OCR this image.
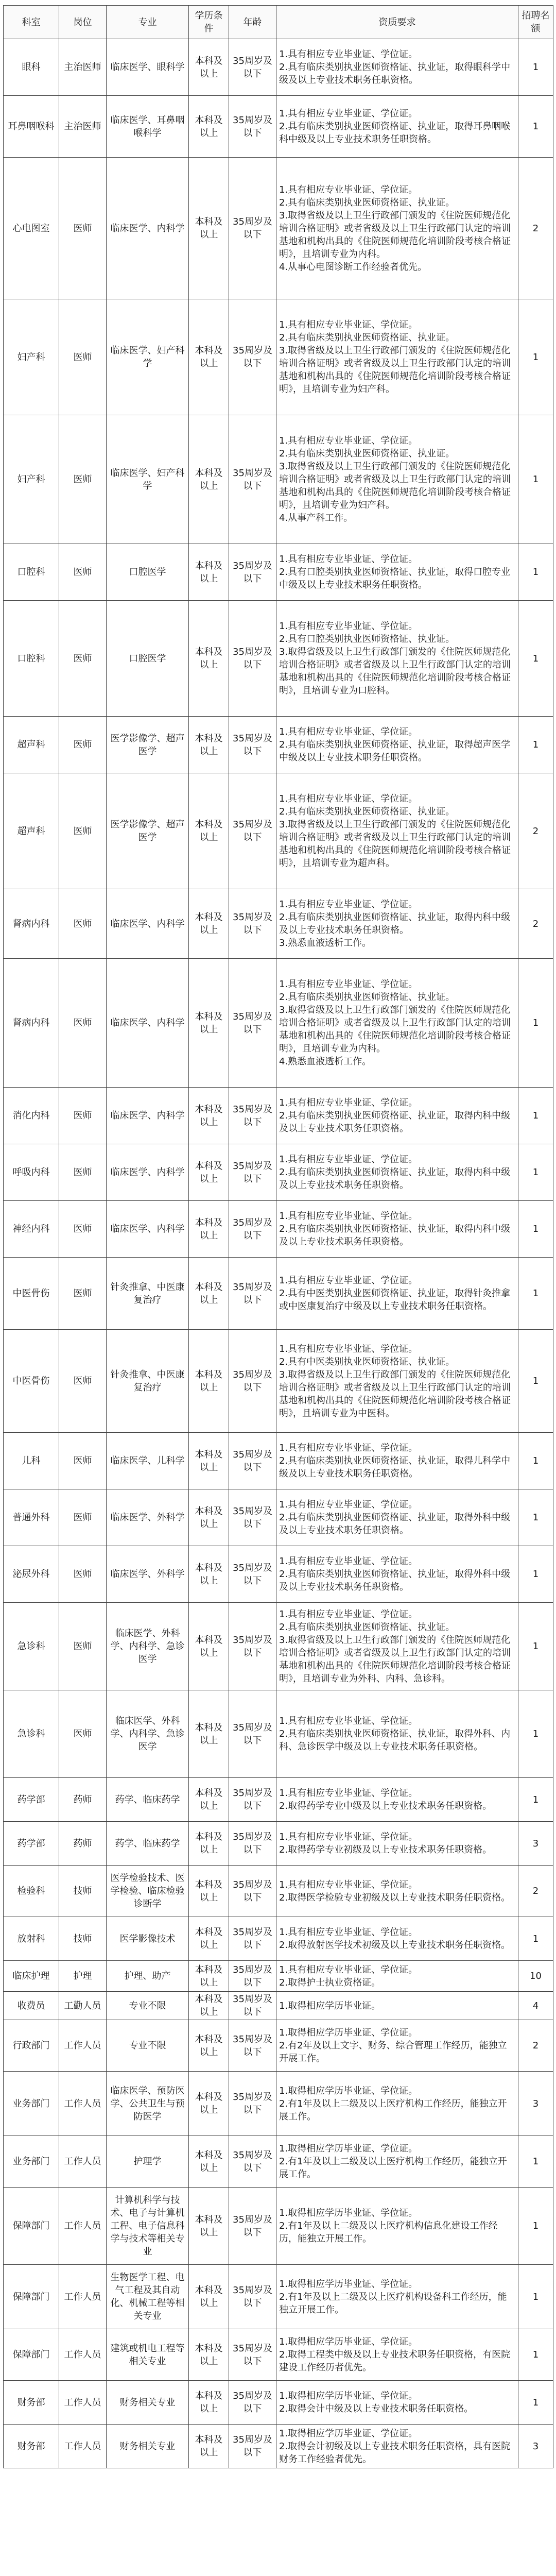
科室	岗位	专业	学历条件	年龄	资质要求	招聘名额
眼科	主治医师	临床医学、眼科学	本科及以上	35周岁及以下	1.具有相应专业毕业证、学位证。
2.具有临床类别执业医师资格证、执业证，取得眼科学中级及以上专业技术职务任职资格。	1
耳鼻咽喉科	主治医师	临床医学、耳鼻咽喉科学	本科及以上	35周岁及以下	1.具有相应专业毕业证、学位证。
2.具有临床类别执业医师资格证、执业证，取得耳鼻咽喉科中级及以上专业技术职务任职资格。	1
心电图室	医师	临床医学、内科学	本科及以上	35周岁及以下	1.具有相应专业毕业证、学位证。
2.具有临床类别执业医师资格证、执业证。
3.取得省级及以上卫生行政部门颁发的《住院医师规范化培训合格证明》或者省级及以上卫生行政部门认定的培训基地和机构出具的《住院医师规范化培训阶段考核合格证明》，且培训专业为内科。
4.从事心电图诊断工作经验者优先。	2
妇产科	医师	临床医学、妇产科学	本科及以上	35周岁及以下	1.具有相应专业毕业证、学位证。
2.具有临床类别执业医师资格证、执业证。
3.取得省级及以上卫生行政部门颁发的《住院医师规范化培训合格证明》或者省级及以上卫生行政部门认定的培训基地和机构出具的《住院医师规范化培训阶段考核合格证明》，且培训专业为妇产科。	1
妇产科	医师	临床医学、妇产科学	本科及以上	35周岁及以下	1.具有相应专业毕业证、学位证。
2.具有临床类别执业医师资格证、执业证。
3.取得省级及以上卫生行政部门颁发的《住院医师规范化培训合格证明》或者省级及以上卫生行政部门认定的培训基地和机构出具的《住院医师规范化培训阶段考核合格证明》，且培训专业为妇产科。
4.从事产科工作。	1
口腔科	医师	口腔医学	本科及以上	35周岁及以下	1.具有相应专业毕业证、学位证。
2.具有口腔类别执业医师资格证、执业证，取得口腔专业中级及以上专业技术职务任职资格。	1
口腔科	医师	口腔医学	本科及以上	35周岁及以下	1.具有相应专业毕业证、学位证。
2.具有口腔类别执业医师资格证、执业证。
3.取得省级及以上卫生行政部门颁发的《住院医师规范化培训合格证明》或者省级及以上卫生行政部门认定的培训基地和机构出具的《住院医师规范化培训阶段考核合格证明》，且培训专业为口腔科。	1
超声科	医师	医学影像学、超声医学	本科及以上	35周岁及以下	1.具有相应专业毕业证、学位证。
2.具有临床类别执业医师资格证、执业证，取得超声医学中级及以上专业技术职务任职资格。	1
超声科	医师	医学影像学、超声医学	本科及以上	35周岁及以下	1.具有相应专业毕业证、学位证。
2.具有临床类别执业医师资格证、执业证。
3.取得省级及以上卫生行政部门颁发的《住院医师规范化培训合格证明》或者省级及以上卫生行政部门认定的培训基地和机构出具的《住院医师规范化培训阶段考核合格证明》，且培训专业为超声科。	2
肾病内科	医师	临床医学、内科学	本科及以上	35周岁及以下	1.具有相应专业毕业证、学位证。
2.具有临床类别执业医师资格证、执业证，取得内科中级及以上专业技术职务任职资格。
3.熟悉血液透析工作。	2
肾病内科	医师	临床医学、内科学	本科及以上	35周岁及以下	1.具有相应专业毕业证、学位证。
2.具有临床类别执业医师资格证、执业证。
3.取得省级及以上卫生行政部门颁发的《住院医师规范化培训合格证明》或者省级及以上卫生行政部门认定的培训基地和机构出具的《住院医师规范化培训阶段考核合格证明》，且培训专业为内科。
4.熟悉血液透析工作。	1
消化内科	医师	临床医学、内科学	本科及以上	35周岁及以下	1.具有相应专业毕业证、学位证。
2.具有临床类别执业医师资格证、执业证，取得内科中级及以上专业技术职务任职资格。	1
呼吸内科	医师	临床医学、内科学	本科及以上	35周岁及以下	1.具有相应专业毕业证、学位证。
2.具有临床类别执业医师资格证、执业证，取得内科中级及以上专业技术职务任职资格。	1
神经内科	医师	临床医学、内科学	本科及以上	35周岁及以下	1.具有相应专业毕业证、学位证。
2.具有临床类别执业医师资格证、执业证，取得内科中级及以上专业技术职务任职资格。	1
中医骨伤	医师	针灸推拿、中医康复治疗	本科及以上	35周岁及以下	1.具有相应专业毕业证、学位证。
2.具有中医类别执业医师资格证、执业证，取得针灸推拿或中医康复治疗中级及以上专业技术职务任职资格。	1
中医骨伤	医师	针灸推拿、中医康复治疗	本科及以上	35周岁及以下	1.具有相应专业毕业证、学位证。
2.具有中医类别执业医师资格证、执业证。
3.取得省级及以上卫生行政部门颁发的《住院医师规范化培训合格证明》或者省级及以上卫生行政部门认定的培训基地和机构出具的《住院医师规范化培训阶段考核合格证明》，且培训专业为中医科。	1
儿科	医师	临床医学、儿科学	本科及以上	35周岁及以下	1.具有相应专业毕业证、学位证。
2.具有临床类别执业医师资格证、执业证，取得儿科学中级及以上专业技术职务任职资格。	1
普通外科	医师	临床医学、外科学	本科及以上	35周岁及以下	1.具有相应专业毕业证、学位证。
2.具有临床类别执业医师资格证、执业证，取得外科中级及以上专业技术职务任职资格。	1
泌尿外科	医师	临床医学、外科学	本科及以上	35周岁及以下	1.具有相应专业毕业证、学位证。
2.具有临床类别执业医师资格证、执业证，取得外科中级及以上专业技术职务任职资格。	1
急诊科	医师	临床医学、外科学、内科学、急诊医学	本科及以上	35周岁及以下	1.具有相应专业毕业证、学位证。
2.具有临床类别执业医师资格证、执业证。
3.取得省级及以上卫生行政部门颁发的《住院医师规范化培训合格证明》或者省级及以上卫生行政部门认定的培训基地和机构出具的《住院医师规范化培训阶段考核合格证明》，且培训专业为外科、内科、急诊科。	1
急诊科	医师	临床医学、外科学、内科学、急诊医学	本科及以上	35周岁及以下	1.具有相应专业毕业证、学位证。
2.具有临床类别执业医师资格证、执业证，取得外科、内科、急诊医学中级及以上专业技术职务任职资格。	1
药学部	药师	药学、临床药学	本科及以上	35周岁及以下	1.具有相应专业毕业证、学位证。
2.取得药学专业中级及以上专业技术职务任职资格。	1
药学部	药师	药学、临床药学	本科及以上	35周岁及以下	1.具有相应专业毕业证、学位证。
2.取得药学专业初级及以上专业技术职务任职资格。	3
检验科	技师	医学检验技术、医学检验、临床检验诊断学	本科及以上	35周岁及以下	1.具有相应专业毕业证、学位证。
2.取得医学检验专业初级及以上专业技术职务任职资格。	2
放射科	技师	医学影像技术	本科及以上	35周岁及以下	1.具有相应专业毕业证、学位证。
2.取得放射医学技术初级及以上专业技术职务任职资格。	1
临床护理	护理	护理、助产	本科及以上	35周岁及以下	1.具有相应专业毕业证、学位证。
2.取得护士执业资格证。	10
收费员	工勤人员	专业不限	本科及以上	35周岁及以下	1.取得相应学历毕业证。	4
行政部门	工作人员	专业不限	本科及以上	35周岁及以下	1.取得相应学历毕业证、学位证。
2.有2年及以上文字、财务、综合管理工作经历，能独立开展工作。	2
业务部门	工作人员	临床医学、预防医学、公共卫生与预防医学	本科及以上	35周岁及以下	1.取得相应学历毕业证、学位证。
2.有1年及以上二级及以上医疗机构工作经历，能独立开展工作。	3
业务部门	工作人员	护理学	本科及以上	35周岁及以下	1.取得相应学历毕业证、学位证。
2.有1年及以上二级及以上医疗机构工作经历，能独立开展工作。	1
保障部门	工作人员	计算机科学与技术、电子与计算机工程、电子信息科学与技术等相关专业	本科及以上	35周岁及以下	1.取得相应学历毕业证、学位证。
2.有1年及以上二级及以上医疗机构信息化建设工作经历，能独立开展工作。	1
保障部门	工作人员	生物医学工程、电气工程及其自动化、机械工程等相关专业	本科及以上	35周岁及以下	1.取得相应学历毕业证、学位证。
2.有1年及以上二级及以上医疗机构设备科工作经历，能独立开展工作。	1
保障部门	工作人员	建筑或机电工程等相关专业	本科及以上	35周岁及以下	1.取得相应学历毕业证、学位证。
2.取得工程类中级及以上专业技术职务任职资格，有医院建设工作经历者优先。	1
财务部	工作人员	财务相关专业	本科及以上	35周岁及以下	1.取得相应学历毕业证、学位证。
2.取得会计中级及以上专业技术职务任职资格。	1
财务部	工作人员	财务相关专业	本科及以上	35周岁及以下	1.取得相应学历毕业证、学位证。
2.取得会计初级及以上专业技术职务任职资格，具有医院财务工作经验者优先。	3
